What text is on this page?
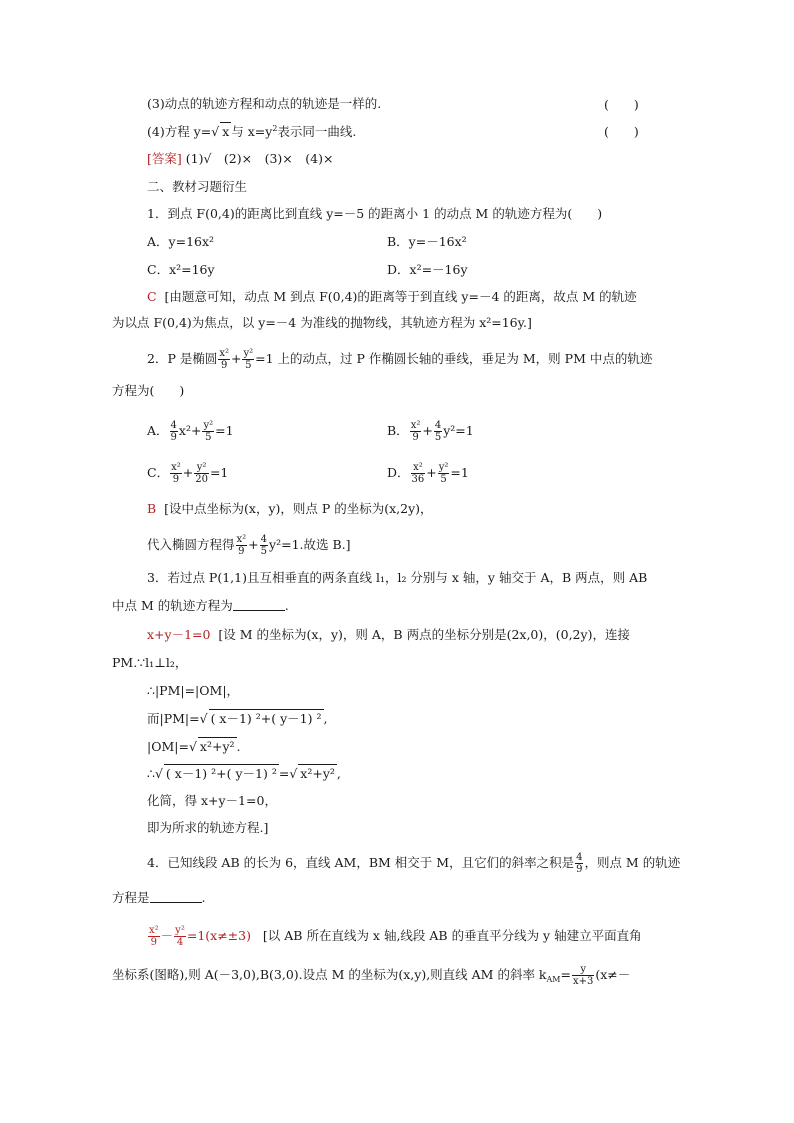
(3)动点的轨迹方程和动点的轨迹是一样的.	(　　)
(4)方程 y=√ x 与 $x=y^2$表示同一曲线.	(　　)
[答案] (1)√　(2)×　(3)×　(4)×
二、教材习题衍生
1．到点 F(0,4)的距离比到直线 y=－5 的距离小 1 的动点 M 的轨迹方程为(　　)
A．y=16x²	B．y=－16x²
C．x²=16y	D．x²=－16y
C [由题意可知，动点 M 到点 F(0,4)的距离等于到直线 y=－4 的距离，故点 M 的轨迹
为以点 F(0,4)为焦点，以 y=－4 为准线的抛物线，其轨迹方程为 x²=16y.]
2．P 是椭圆 $\frac{\text{x²}}{9} + \frac{\text{y²}}{5} =1$ 上的动点，过 P 作椭圆长轴的垂线，垂足为 M，则 PM 中点的轨迹
方程为(　　)
A． $\frac{4}{9} x^2+ \frac{\text{y²}}{5} =1$	B． $\frac{\text{x²}}{9} + \frac{4}{5} y^2=1$
C． $\frac{\text{x²}}{9} + \frac{\text{y²}}{20} =1$	D． $\frac{\text{x²}}{36} + \frac{\text{y²}}{5} =1$
B [设中点坐标为(x，y)，则点 P 的坐标为(x,2y)，
代入椭圆方程得 $\frac{\text{x²}}{9} + \frac{4}{5} y^2=1$.故选 B.]
3．若过点 P(1,1)且互相垂直的两条直线 l₁，l₂ 分别与 x 轴，y 轴交于 A，B 两点，则 AB
中点 M 的轨迹方程为	.
x+y－1=0 [设 M 的坐标为(x，y)，则 A，B 两点的坐标分别是(2x,0)，(0,2y)，连接
PM.∵l₁⊥l₂，
∴|PM|=|OM|，
而|PM|=√ ( x－1) ²+( y－1) ² ,
|OM|=√ x²+y² .
∴√ ( x－1) ²+( y－1) ² =√ x²+y² ,
化简，得 x+y－1=0，
即为所求的轨迹方程.]
4．已知线段 AB 的长为 6，直线 AM，BM 相交于 M，且它们的斜率之积是 $\frac{4}{9}$ ，则点 M 的轨迹
方程是	.
$\frac{\text{x²}}{9} - \frac{\text{y²}}{4} =1(x\ne\pm 3)$ [以 AB 所在直线为 x 轴,线段 AB 的垂直平分线为 y 轴建立平面直角
坐标系(图略),则 A(－3,0),B(3,0).设点 M 的坐标为(x,y),则直线 AM 的斜率 $k_{AM}= \frac{y}{x+3} (x\ne-$
